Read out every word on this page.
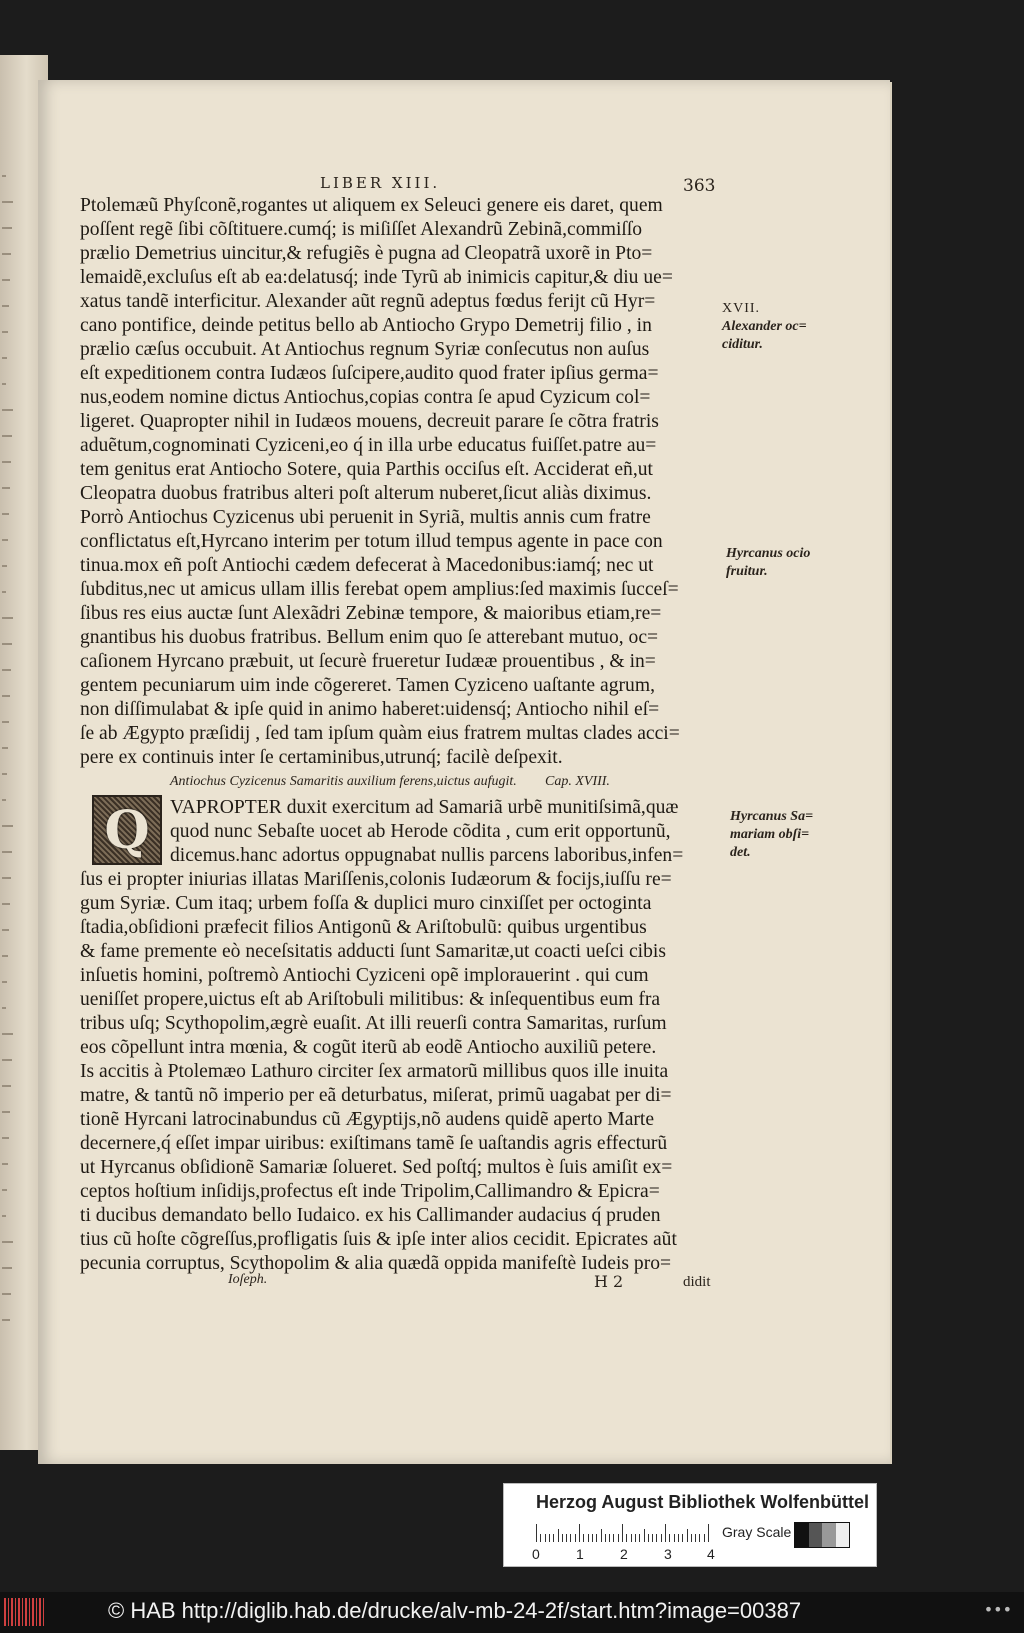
LIBER XIII.	363
Ptolemæũ Phyſconẽ,rogantes ut aliquem ex Seleuci genere eis daret, quem
poſſent regẽ ſibi cõſtituere.cumq́; is miſiſſet Alexandrũ Zebinã,commiſſo
prælio Demetrius uincitur,& refugiẽs è pugna ad Cleopatrã uxorẽ in Pto=
lemaidẽ,excluſus eſt ab ea:delatusq́; inde Tyrũ ab inimicis capitur,& diu ue=
xatus tandẽ interficitur. Alexander aũt regnũ adeptus fœdus ferijt cũ Hyr=
cano pontifice, deinde petitus bello ab Antiocho Grypo Demetrij filio , in
prælio cæſus occubuit. At Antiochus regnum Syriæ conſecutus non auſus
eſt expeditionem contra Iudæos ſuſcipere,audito quod frater ipſius germa=
nus,eodem nomine dictus Antiochus,copias contra ſe apud Cyzicum col=
ligeret. Quapropter nihil in Iudæos mouens, decreuit parare ſe cõtra fratris
aduẽtum,cognominati Cyziceni,eo q́ in illa urbe educatus fuiſſet.patre au=
tem genitus erat Antiocho Sotere, quia Parthis occiſus eſt. Acciderat eñ,ut
Cleopatra duobus fratribus alteri poſt alterum nuberet,ſicut aliàs diximus.
Porrò Antiochus Cyzicenus ubi peruenit in Syriã, multis annis cum fratre
conflictatus eſt,Hyrcano interim per totum illud tempus agente in pace con
tinua.mox eñ poſt Antiochi cædem defecerat à Macedonibus:iamq́; nec ut
ſubditus,nec ut amicus ullam illis ferebat opem amplius:ſed maximis ſucceſ=
ſibus res eius auctæ ſunt Alexãdri Zebinæ tempore, & maioribus etiam,re=
gnantibus his duobus fratribus. Bellum enim quo ſe atterebant mutuo, oc=
caſionem Hyrcano præbuit, ut ſecurè frueretur Iudææ prouentibus , & in=
gentem pecuniarum uim inde cõgereret. Tamen Cyziceno uaſtante agrum,
non diſſimulabat & ipſe quid in animo haberet:uidensq́; Antiocho nihil eſ=
ſe ab Ægypto præſidij , ſed tam ipſum quàm eius fratrem multas clades acci=
pere ex continuis inter ſe certaminibus,utrunq́; facilè deſpexit.
Antiochus Cyzicenus Samaritis auxilium ferens,uictus aufugit. Cap. XVIII.
Q	VAPROPTER duxit exercitum ad Samariã urbẽ munitiſsimã,quæ
quod nunc Sebaſte uocet ab Herode cõdita , cum erit opportunũ,
dicemus.hanc adortus oppugnabat nullis parcens laboribus,infen=
ſus ei propter iniurias illatas Mariſſenis,colonis Iudæorum & focijs,iuſſu re=
gum Syriæ. Cum itaq; urbem foſſa & duplici muro cinxiſſet per octoginta
ſtadia,obſidioni præfecit filios Antigonũ & Ariſtobulũ: quibus urgentibus
& fame premente eò neceſsitatis adducti ſunt Samaritæ,ut coacti ueſci cibis
inſuetis homini, poſtremò Antiochi Cyziceni opẽ implorauerint . qui cum
ueniſſet propere,uictus eſt ab Ariſtobuli militibus: & inſequentibus eum fra
tribus uſq; Scythopolim,ægrè euaſit. At illi reuerſi contra Samaritas, rurſum
eos cõpellunt intra mœnia, & cogũt iterũ ab eodẽ Antiocho auxiliũ petere.
Is accitis à Ptolemæo Lathuro circiter ſex armatorũ millibus quos ille inuita
matre, & tantũ nõ imperio per eã deturbatus, miſerat, primũ uagabat per di=
tionẽ Hyrcani latrocinabundus cũ Ægyptijs,nõ audens quidẽ aperto Marte
decernere,q́ eſſet impar uiribus: exiſtimans tamẽ ſe uaſtandis agris effecturũ
ut Hyrcanus obſidionẽ Samariæ ſolueret. Sed poſtq́; multos è ſuis amiſit ex=
ceptos hoſtium inſidijs,profectus eſt inde Tripolim,Callimandro & Epicra=
ti ducibus demandato bello Iudaico. ex his Callimander audacius q́ pruden
tius cũ hoſte cõgreſſus,profligatis ſuis & ipſe inter alios cecidit. Epicrates aũt
pecunia corruptus, Scythopolim & alia quædã oppida manifeſtè Iudeis pro=
XVII.
Alexander oc=
ciditur.
Hyrcanus ocio
fruitur.
Hyrcanus Sa=
mariam obſi=
det.
Ioſeph.	H 2	didit
Herzog August Bibliothek Wolfenbüttel
0	1	2	3	4
Gray Scale
© HAB http://diglib.hab.de/drucke/alv-mb-24-2f/start.htm?image=00387	•••
